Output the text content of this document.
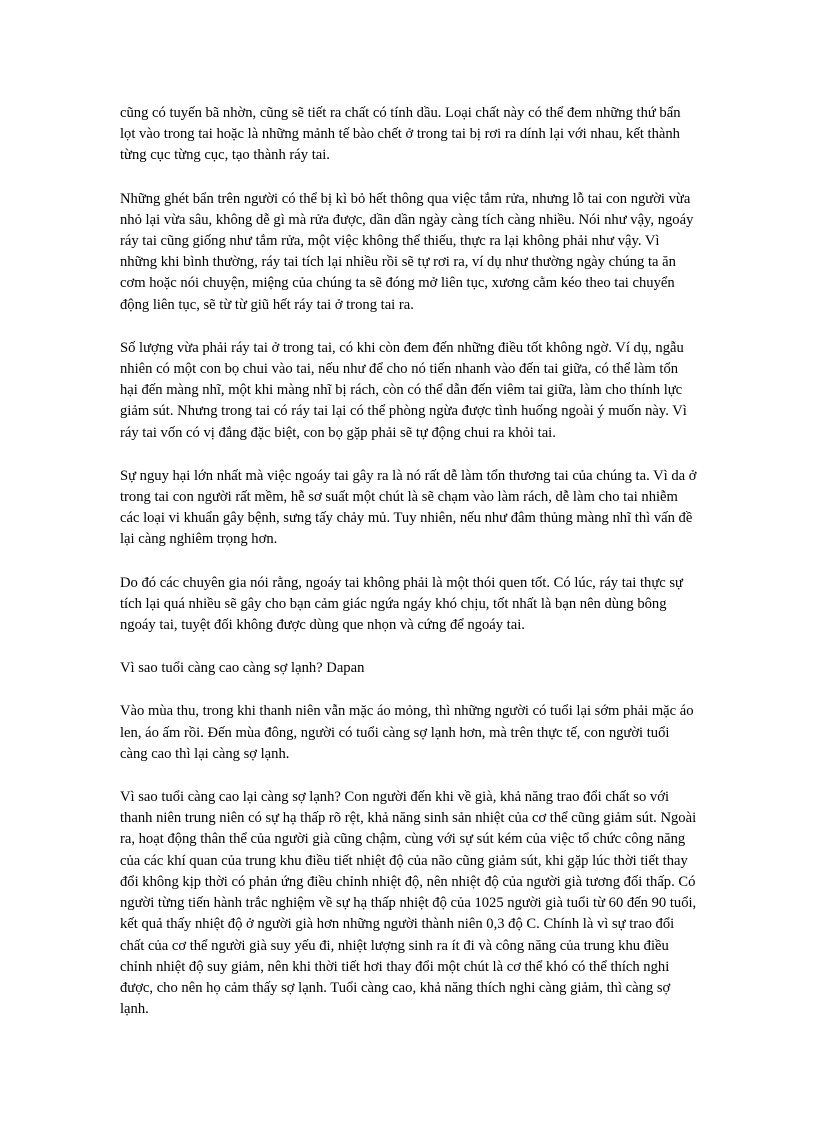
cũng có tuyến bã nhờn, cũng sẽ tiết ra chất có tính dầu. Loại chất này có thể đem những thứ bẩn lọt vào trong tai hoặc là những mảnh tế bào chết ở trong tai bị rơi ra dính lại với nhau, kết thành từng cục từng cục, tạo thành ráy tai.

Những ghét bẩn trên người có thể bị kì bỏ hết thông qua việc tắm rửa, nhưng lỗ tai con người vừa nhỏ lại vừa sâu, không dễ gì mà rửa được, dần dần ngày càng tích càng nhiều. Nói như vậy, ngoáy ráy tai cũng giống như tắm rửa, một việc không thể thiếu, thực ra lại không phải như vậy. Vì những khi bình thường, ráy tai tích lại nhiều rồi sẽ tự rơi ra, ví dụ như thường ngày chúng ta ăn cơm hoặc nói chuyện, miệng của chúng ta sẽ đóng mở liên tục, xương cằm kéo theo tai chuyển động liên tục, sẽ từ từ giũ hết ráy tai ở trong tai ra.

Số lượng vừa phải ráy tai ở trong tai, có khi còn đem đến những điều tốt không ngờ. Ví dụ, ngẫu nhiên có một con bọ chui vào tai, nếu như để cho nó tiến nhanh vào đến tai giữa, có thể làm tổn hại đến màng nhĩ, một khi màng nhĩ bị rách, còn có thể dẫn đến viêm tai giữa, làm cho thính lực giảm sút. Nhưng trong tai có ráy tai lại có thể phòng ngừa được tình huống ngoài ý muốn này. Vì ráy tai vốn có vị đắng đặc biệt, con bọ gặp phải sẽ tự động chui ra khỏi tai.

Sự nguy hại lớn nhất mà việc ngoáy tai gây ra là nó rất dễ làm tổn thương tai của chúng ta. Vì da ở trong tai con người rất mềm, hễ sơ suất một chút là sẽ chạm vào làm rách, dễ làm cho tai nhiễm các loại vi khuẩn gây bệnh, sưng tấy chảy mủ. Tuy nhiên, nếu như đâm thủng màng nhĩ thì vấn đề lại càng nghiêm trọng hơn.

Do đó các chuyên gia nói rằng, ngoáy tai không phải là một thói quen tốt. Có lúc, ráy tai thực sự tích lại quá nhiều sẽ gây cho bạn cảm giác ngứa ngáy khó chịu, tốt nhất là bạn nên dùng bông ngoáy tai, tuyệt đối không được dùng que nhọn và cứng để ngoáy tai.

Vì sao tuổi càng cao càng sợ lạnh? Dapan

Vào mùa thu, trong khi thanh niên vẫn mặc áo mỏng, thì những người có tuổi lại sớm phải mặc áo len, áo ấm rồi. Đến mùa đông, người có tuổi càng sợ lạnh hơn, mà trên thực tế, con người tuổi càng cao thì lại càng sợ lạnh.

Vì sao tuổi càng cao lại càng sợ lạnh? Con người đến khi về già, khả năng trao đổi chất so với thanh niên trung niên có sự hạ thấp rõ rệt, khả năng sinh sản nhiệt của cơ thể cũng giảm sút. Ngoài ra, hoạt động thân thể của người già cũng chậm, cùng với sự sút kém của việc tổ chức công năng của các khí quan của trung khu điều tiết nhiệt độ của não cũng giảm sút, khi gặp lúc thời tiết thay đổi không kịp thời có phản ứng điều chỉnh nhiệt độ, nên nhiệt độ của người già tương đối thấp. Có người từng tiến hành trắc nghiệm về sự hạ thấp nhiệt độ của 1025 người già tuổi từ 60 đến 90 tuổi, kết quả thấy nhiệt độ ở người già hơn những người thành niên 0,3 độ C. Chính là vì sự trao đổi chất của cơ thể người già suy yếu đi, nhiệt lượng sinh ra ít đi và công năng của trung khu điều chỉnh nhiệt độ suy giảm, nên khi thời tiết hơi thay đổi một chút là cơ thể khó có thể thích nghi được, cho nên họ cảm thấy sợ lạnh. Tuổi càng cao, khả năng thích nghi càng giảm, thì càng sợ lạnh.
